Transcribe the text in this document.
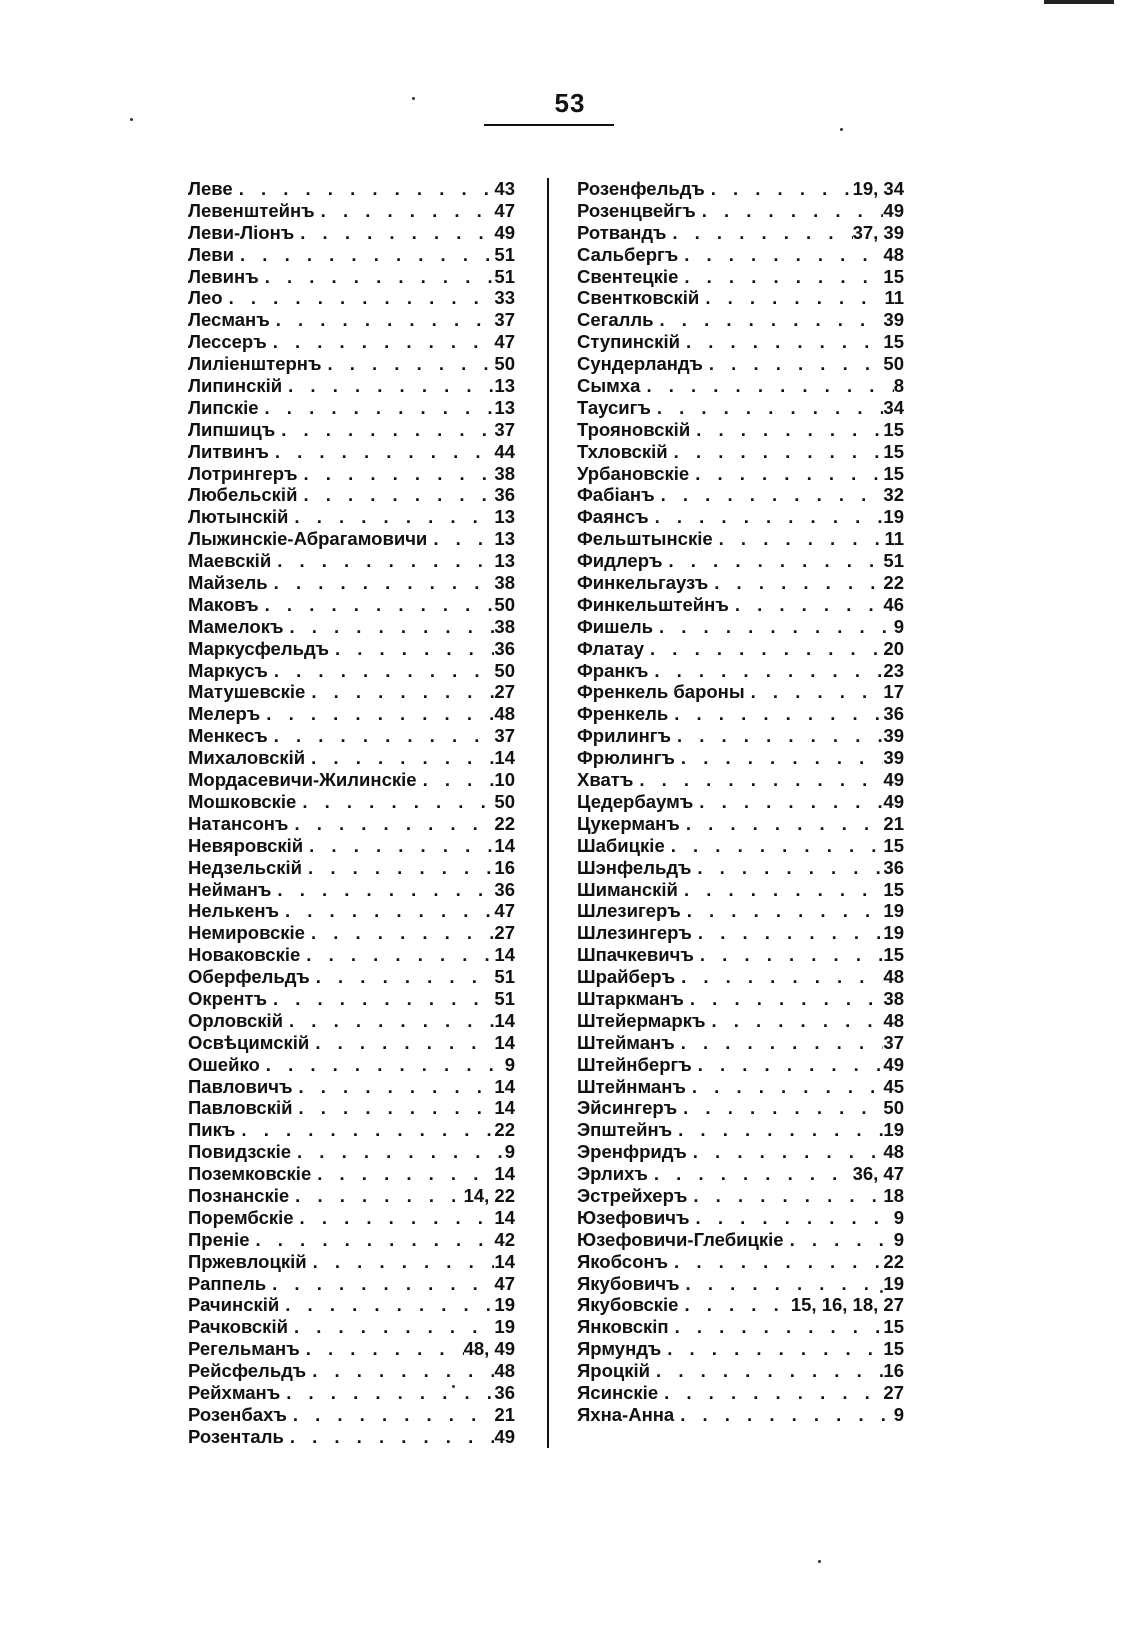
53
Леве . . .	43
Левенштейнъ . . .	47
Леви-Лiонъ . . .	49
Леви . . .	51
Левинъ . . .	51
Лео . . .	33
Лесманъ . . .	37
Лессеръ . . .	47
Лилiенштернъ . . .	50
Липинскiй . . .	13
Липскiе . . .	13
Липшицъ . . .	37
Литвинъ . . .	44
Лотрингеръ . . .	38
Любельскiй . . .	36
Лютынскiй . . .	13
Лыжинскiе-Абрагамовичи . . .	13
Маевскiй . . .	13
Майзель . . .	38
Маковъ . . .	50
Мамелокъ . . .	38
Маркусфельдъ . . .	36
Маркусъ . . .	50
Матушевскiе . . .	27
Мелеръ . . .	48
Менкесъ . . .	37
Михаловскiй . . .	14
Мордасевичи-Жилинскiе . . .	10
Мошковскiе . . .	50
Натансонъ . . .	22
Невяровскiй . . .	14
Недзельскiй . . .	16
Нейманъ . . .	36
Нелькенъ . . .	47
Немировскiе . . .	27
Новаковскiе . . .	14
Оберфельдъ . . .	51
Окрентъ . . .	51
Орловскiй . . .	14
Освѣцимскiй . . .	14
Ошейко . . .	9
Павловичъ . . .	14
Павловскiй . . .	14
Пикъ . . .	22
Повидзскiе . . .	9
Поземковскiе . . .	14
Познанскiе . . .	14, 22
Порембскiе . . .	14
Пренiе . . .	42
Пржевлоцкiй . . .	14
Раппель . . .	47
Рачинскiй . . .	19
Рачковскiй . . .	19
Регельманъ . . .	48, 49
Рейсфельдъ . . .	48
Рейхманъ . . .	36
Розенбахъ . . .	21
Розенталь . . .	49
Розенфельдъ . . .	19, 34
Розенцвейгъ . . .	49
Ротвандъ . . .	37, 39
Сальбергъ . . .	48
Свентецкiе . . .	15
Свентковскiй . . .	11
Сегалль . . .	39
Ступинскiй . . .	15
Сундерландъ . . .	50
Сымха . . .	8
Таусигъ . . .	34
Трояновскiй . . .	15
Тхловскiй . . .	15
Урбановскiе . . .	15
Фабiанъ . . .	32
Фаянсъ . . .	19
Фельштынскiе . . .	11
Фидлеръ . . .	51
Финкельгаузъ . . .	22
Финкельштейнъ . . .	46
Фишель . . .	9
Флатау . . .	20
Франкъ . . .	23
Френкель бароны . . .	17
Френкель . . .	36
Фрилингъ . . .	39
Фрюлингъ . . .	39
Хватъ . . .	49
Цедербаумъ . . .	49
Цукерманъ . . .	21
Шабицкiе . . .	15
Шэнфельдъ . . .	36
Шиманскiй . . .	15
Шлезигеръ . . .	19
Шлезингеръ . . .	19
Шпачкевичъ . . .	15
Шрайберъ . . .	48
Штаркманъ . . .	38
Штейермаркъ . . .	48
Штейманъ . . .	37
Штейнбергъ . . .	49
Штейнманъ . . .	45
Эйсингеръ . . .	50
Эпштейнъ . . .	19
Эренфридъ . . .	48
Эрлихъ . . .	36, 47
Эстрейхеръ . . .	18
Юзефовичъ . . .	9
Юзефовичи-Глебицкiе . . .	9
Якобсонъ . . .	22
Якубовичъ . . .	19
Якубовскiе . . .	15, 16, 18, 27
Янковскiп . . .	15
Ярмундъ . . .	15
Яроцкiй . . .	16
Ясинскiе . . .	27
Яхна-Анна . . .	9
